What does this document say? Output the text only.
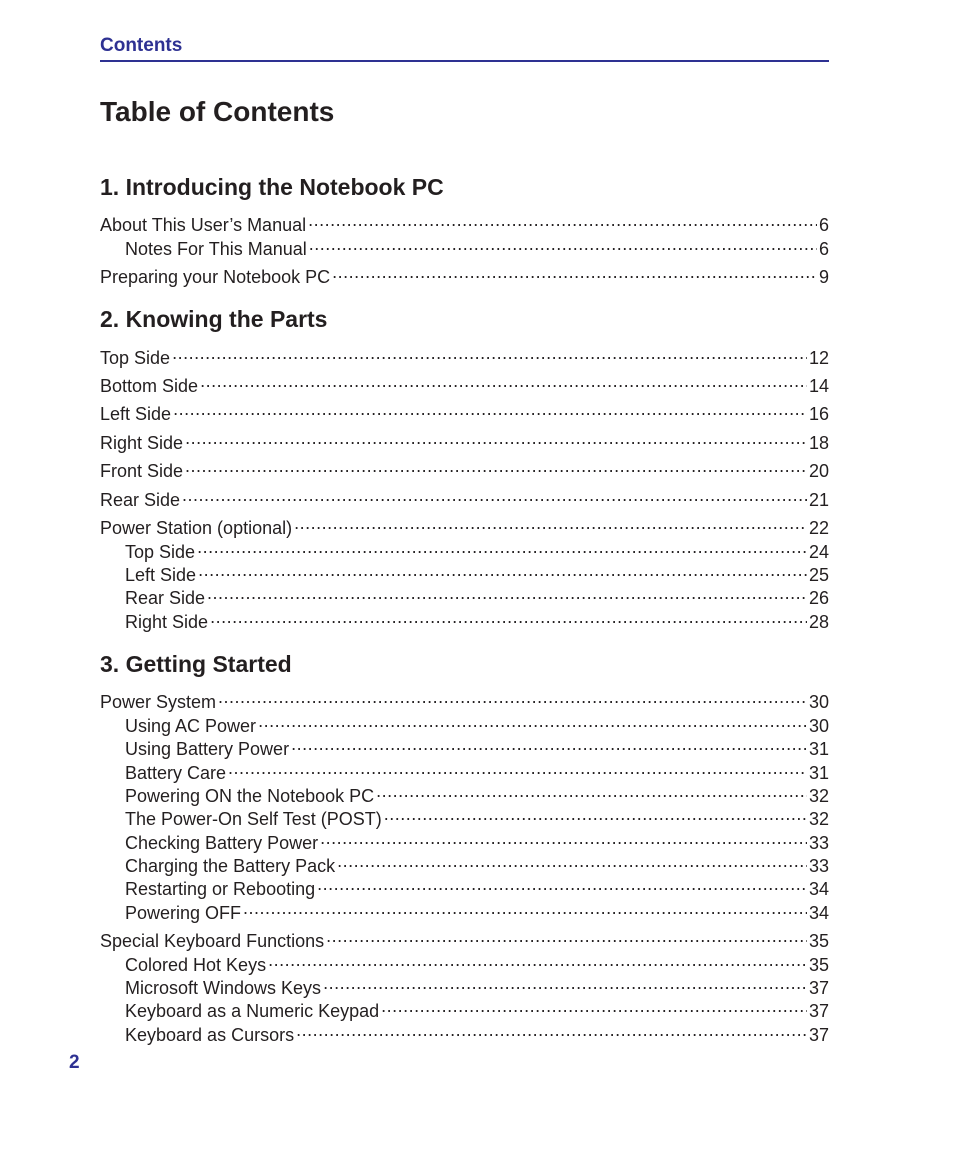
Contents
Table of Contents
1. Introducing the Notebook PC
About This User’s Manual .....	6
Notes For This Manual .....	6
Preparing your Notebook PC .....	9
2. Knowing the Parts
Top Side .....	12
Bottom Side .....	14
Left Side .....	16
Right Side .....	18
Front Side .....	20
Rear Side .....	21
Power Station (optional) .....	22
Top Side .....	24
Left Side .....	25
Rear Side .....	26
Right Side .....	28
3. Getting Started
Power System .....	30
Using AC Power .....	30
Using Battery Power .....	31
Battery Care .....	31
Powering ON the Notebook PC .....	32
The Power-On Self Test (POST) .....	32
Checking Battery Power .....	33
Charging the Battery Pack .....	33
Restarting or Rebooting .....	34
Powering OFF .....	34
Special Keyboard Functions .....	35
Colored Hot Keys .....	35
Microsoft Windows Keys .....	37
Keyboard as a Numeric Keypad .....	37
Keyboard as Cursors .....	37
2
